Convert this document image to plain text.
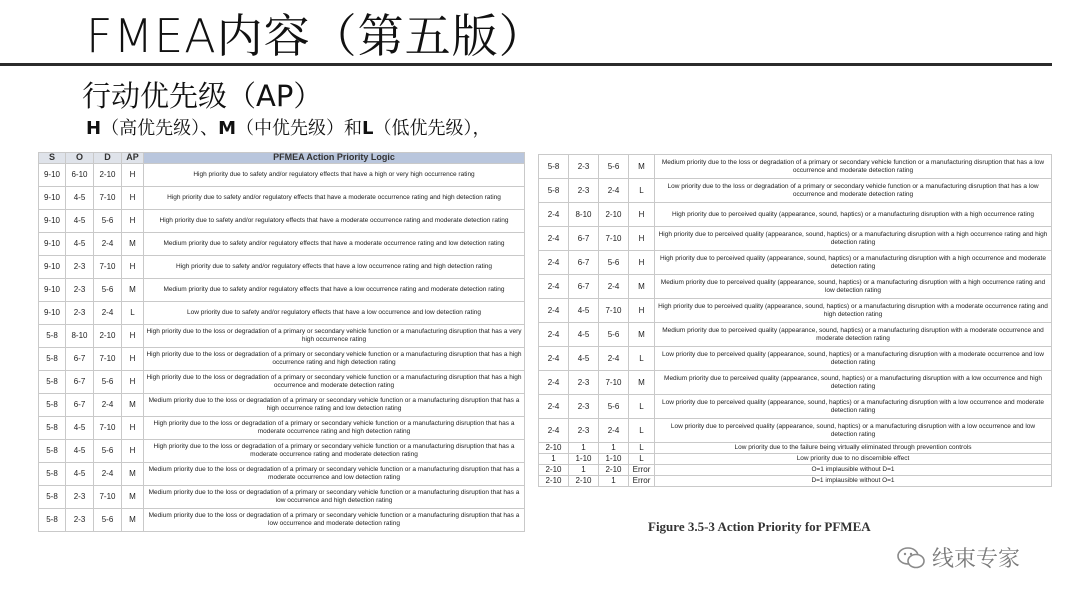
FMEA内容（第五版）
行动优先级（AP）
H（高优先级）、M（中优先级）和L（低优先级），
S	O	D	AP	PFMEA Action Priority Logic
9-10	6-10	2-10	H	High priority due to safety and/or regulatory effects that have a high or very high occurrence rating
9-10	4-5	7-10	H	High priority due to safety and/or regulatory effects that have a moderate occurrence rating and high detection rating
9-10	4-5	5-6	H	High priority due to safety and/or regulatory effects that have a moderate occurrence rating and moderate detection rating
9-10	4-5	2-4	M	Medium priority due to safety and/or regulatory effects that have a moderate occurrence rating and low detection rating
9-10	2-3	7-10	H	High priority due to safety and/or regulatory effects that have a low occurrence rating and high detection rating
9-10	2-3	5-6	M	Medium priority due to safety and/or regulatory effects that have a low occurrence rating and moderate detection rating
9-10	2-3	2-4	L	Low priority due to safety and/or regulatory effects that have a low occurrence and low detection rating
5-8	8-10	2-10	H	High priority due to the loss or degradation of a primary or secondary vehicle function or a manufacturing disruption that has a very high occurrence rating
5-8	6-7	7-10	H	High priority due to the loss or degradation of a primary or secondary vehicle function or a manufacturing disruption that has a high occurrence rating and high detection rating
5-8	6-7	5-6	H	High priority due to the loss or degradation of a primary or secondary vehicle function or a manufacturing disruption that has a high occurrence and moderate detection rating
5-8	6-7	2-4	M	Medium priority due to the loss or degradation of a primary or secondary vehicle function or a manufacturing disruption that has a high occurrence rating and low detection rating
5-8	4-5	7-10	H	High priority due to the loss or degradation of a primary or secondary vehicle function or a manufacturing disruption that has a moderate occurrence rating and high detection rating
5-8	4-5	5-6	H	High priority due to the loss or degradation of a primary or secondary vehicle function or a manufacturing disruption that has a moderate occurrence rating and moderate detection rating
5-8	4-5	2-4	M	Medium priority due to the loss or degradation of a primary or secondary vehicle function or a manufacturing disruption that has a moderate occurrence and low detection rating
5-8	2-3	7-10	M	Medium priority due to the loss or degradation of a primary or secondary vehicle function or a manufacturing disruption that has a low occurrence and high detection rating
5-8	2-3	5-6	M	Medium priority due to the loss or degradation of a primary or secondary vehicle function or a manufacturing disruption that has a low occurrence and moderate detection rating
5-8	2-3	5-6	M	Medium priority due to the loss or degradation of a primary or secondary vehicle function or a manufacturing disruption that has a low occurrence and moderate detection rating
5-8	2-3	2-4	L	Low priority due to the loss or degradation of a primary or secondary vehicle function or a manufacturing disruption that has a low occurrence and moderate detection rating
2-4	8-10	2-10	H	High priority due to perceived quality (appearance, sound, haptics) or a manufacturing disruption with a high occurrence rating
2-4	6-7	7-10	H	High priority due to perceived quality (appearance, sound, haptics) or a manufacturing disruption with a high occurrence rating and high detection rating
2-4	6-7	5-6	H	High priority due to perceived quality (appearance, sound, haptics) or a manufacturing disruption with a high occurrence and moderate detection rating
2-4	6-7	2-4	M	Medium priority due to perceived quality (appearance, sound, haptics) or a manufacturing disruption with a high occurrence rating and low detection rating
2-4	4-5	7-10	H	High priority due to perceived quality (appearance, sound, haptics) or a manufacturing disruption with a moderate occurrence rating and high detection rating
2-4	4-5	5-6	M	Medium priority due to perceived quality (appearance, sound, haptics) or a manufacturing disruption with a moderate occurrence and moderate detection rating
2-4	4-5	2-4	L	Low priority due to perceived quality (appearance, sound, haptics) or a manufacturing disruption with a moderate occurrence and low detection rating
2-4	2-3	7-10	M	Medium priority due to perceived quality (appearance, sound, haptics) or a manufacturing disruption with a low occurrence and high detection rating
2-4	2-3	5-6	L	Low priority due to perceived quality (appearance, sound, haptics) or a manufacturing disruption with a low occurrence and moderate detection rating
2-4	2-3	2-4	L	Low priority due to perceived quality (appearance, sound, haptics) or a manufacturing disruption with a low occurrence and low detection rating
2-10	1	1	L	Low priority due to the failure being virtually eliminated through prevention controls
1	1-10	1-10	L	Low priority due to no discernible effect
2-10	1	2-10	Error	O=1 implausible without D=1
2-10	2-10	1	Error	D=1 implausible without O=1
Figure 3.5-3 Action Priority for PFMEA
线束专家
